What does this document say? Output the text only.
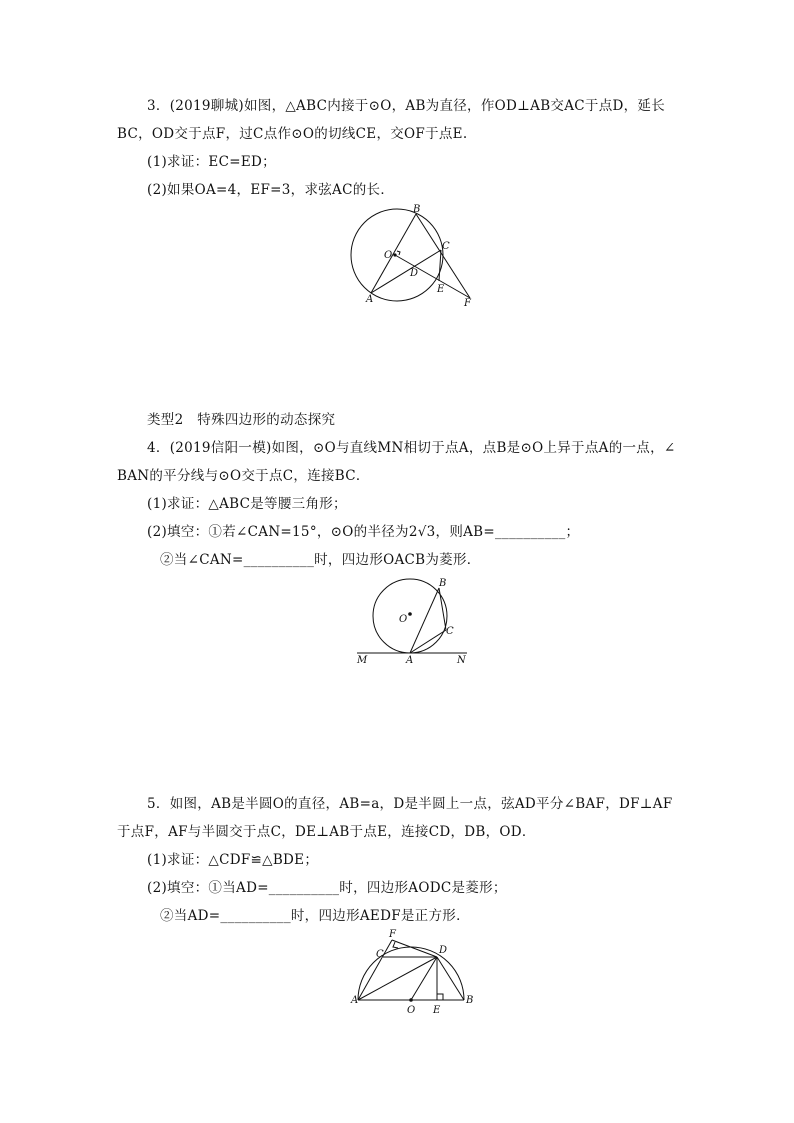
3．(2019聊城)如图，△ABC内接于⊙O，AB为直径，作OD⊥AB交AC于点D，延长
BC，OD交于点F，过C点作⊙O的切线CE，交OF于点E.
(1)求证：EC=ED；
(2)如果OA=4，EF=3，求弦AC的长．
B
C
O
D
E
A	F
类型2　特殊四边形的动态探究
4．(2019信阳一模)如图，⊙O与直线MN相切于点A，点B是⊙O上异于点A的一点，∠
BAN的平分线与⊙O交于点C，连接BC．
(1)求证：△ABC是等腰三角形；
(2)填空：①若∠CAN=15°，⊙O的半径为2√3，则AB=__________；
②当∠CAN=__________时，四边形OACB为菱形．
B
O
C
M	A	N
5．如图，AB是半圆O的直径，AB=a，D是半圆上一点，弦AD平分∠BAF，DF⊥AF
于点F，AF与半圆交于点C，DE⊥AB于点E，连接CD，DB，OD．
(1)求证：△CDF≌△BDE；
(2)填空：①当AD=__________时，四边形AODC是菱形；
②当AD=__________时，四边形AEDF是正方形．
F
C	D
A
O E
B
